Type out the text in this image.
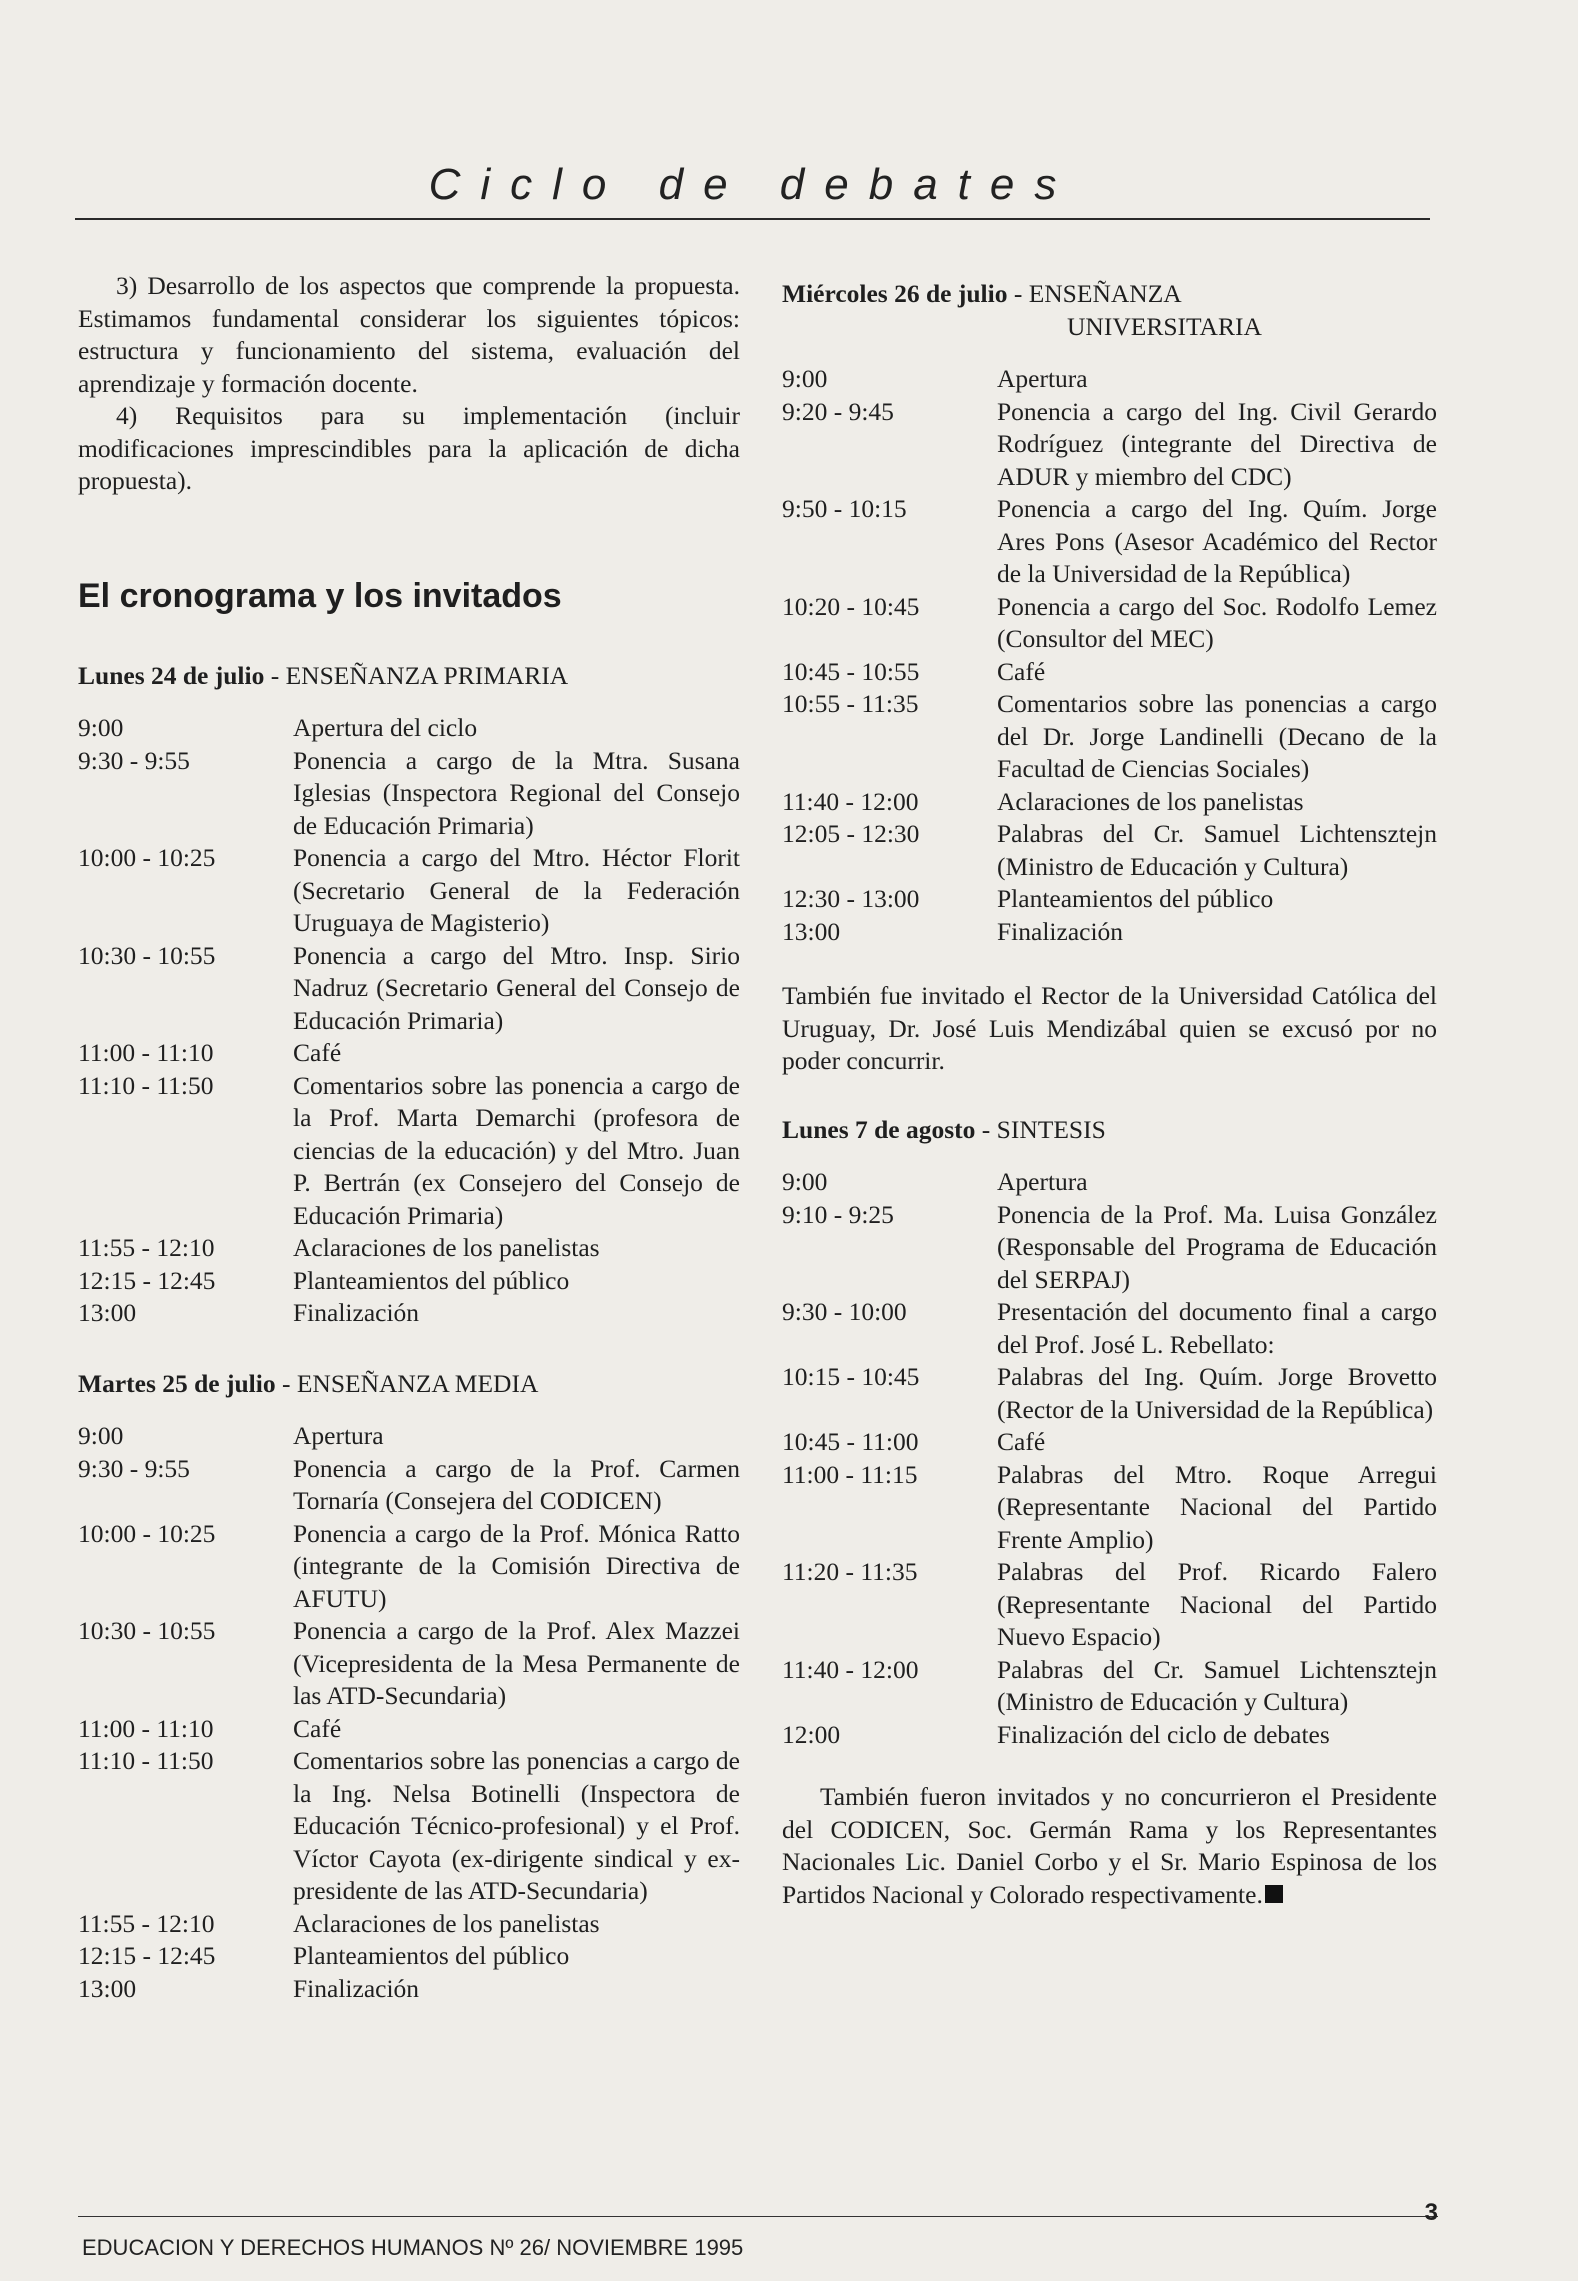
Ciclo de debates

3) Desarrollo de los aspectos que comprende la propuesta. Estimamos fundamental considerar los siguientes tópicos: estructura y funcionamiento del sistema, evaluación del aprendizaje y formación docente.

4) Requisitos para su implementación (incluir modificaciones imprescindibles para la aplicación de dicha propuesta).

El cronograma y los invitados

Lunes 24 de julio - ENSEÑANZA PRIMARIA

9:00	Apertura del ciclo
9:30 - 9:55	Ponencia a cargo de la Mtra. Susana Iglesias (Inspectora Regional del Consejo de Educación Primaria)
10:00 - 10:25	Ponencia a cargo del Mtro. Héctor Florit (Secretario General de la Federación Uruguaya de Magisterio)
10:30 - 10:55	Ponencia a cargo del Mtro. Insp. Sirio Nadruz (Secretario General del Consejo de Educación Primaria)
11:00 - 11:10	Café
11:10 - 11:50	Comentarios sobre las ponencia a cargo de la Prof. Marta Demarchi (profesora de ciencias de la educación) y del Mtro. Juan P. Bertrán (ex Consejero del Consejo de Educación Primaria)
11:55 - 12:10	Aclaraciones de los panelistas
12:15 - 12:45	Planteamientos del público
13:00	Finalización

Martes 25 de julio - ENSEÑANZA MEDIA

9:00	Apertura
9:30 - 9:55	Ponencia a cargo de la Prof. Carmen Tornaría (Consejera del CODICEN)
10:00 - 10:25	Ponencia a cargo de la Prof. Mónica Ratto (integrante de la Comisión Directiva de AFUTU)
10:30 - 10:55	Ponencia a cargo de la Prof. Alex Mazzei (Vicepresidenta de la Mesa Permanente de las ATD-Secundaria)
11:00 - 11:10	Café
11:10 - 11:50	Comentarios sobre las ponencias a cargo de la Ing. Nelsa Botinelli (Inspectora de Educación Técnico-profesional) y el Prof. Víctor Cayota (ex-dirigente sindical y ex-presidente de las ATD-Secundaria)
11:55 - 12:10	Aclaraciones de los panelistas
12:15 - 12:45	Planteamientos del público
13:00	Finalización

Miércoles 26 de julio - ENSEÑANZA

UNIVERSITARIA

9:00	Apertura
9:20 - 9:45	Ponencia a cargo del Ing. Civil Gerardo Rodríguez (integrante del Directiva de ADUR y miembro del CDC)
9:50 - 10:15	Ponencia a cargo del Ing. Quím. Jorge Ares Pons (Asesor Académico del Rector de la Universidad de la República)
10:20 - 10:45	Ponencia a cargo del Soc. Rodolfo Lemez (Consultor del MEC)
10:45 - 10:55	Café
10:55 - 11:35	Comentarios sobre las ponencias a cargo del Dr. Jorge Landinelli (Decano de la Facultad de Ciencias Sociales)
11:40 - 12:00	Aclaraciones de los panelistas
12:05 - 12:30	Palabras del Cr. Samuel Lichtensztejn (Ministro de Educación y Cultura)
12:30 - 13:00	Planteamientos del público
13:00	Finalización

También fue invitado el Rector de la Universidad Católica del Uruguay, Dr. José Luis Mendizábal quien se excusó por no poder concurrir.

Lunes 7 de agosto - SINTESIS

9:00	Apertura
9:10 - 9:25	Ponencia de la Prof. Ma. Luisa González (Responsable del Programa de Educación del SERPAJ)
9:30 - 10:00	Presentación del documento final a cargo del Prof. José L. Rebellato:
10:15 - 10:45	Palabras del Ing. Quím. Jorge Brovetto (Rector de la Universidad de la República)
10:45 - 11:00	Café
11:00 - 11:15	Palabras del Mtro. Roque Arregui (Representante Nacional del Partido Frente Amplio)
11:20 - 11:35	Palabras del Prof. Ricardo Falero (Representante Nacional del Partido Nuevo Espacio)
11:40 - 12:00	Palabras del Cr. Samuel Lichtensztejn (Ministro de Educación y Cultura)
12:00	Finalización del ciclo de debates

También fueron invitados y no concurrieron el Presidente del CODICEN, Soc. Germán Rama y los Representantes Nacionales Lic. Daniel Corbo y el Sr. Mario Espinosa de los Partidos Nacional y Colorado respectivamente.

EDUCACION Y DERECHOS HUMANOS Nº 26/ NOVIEMBRE 1995
3
